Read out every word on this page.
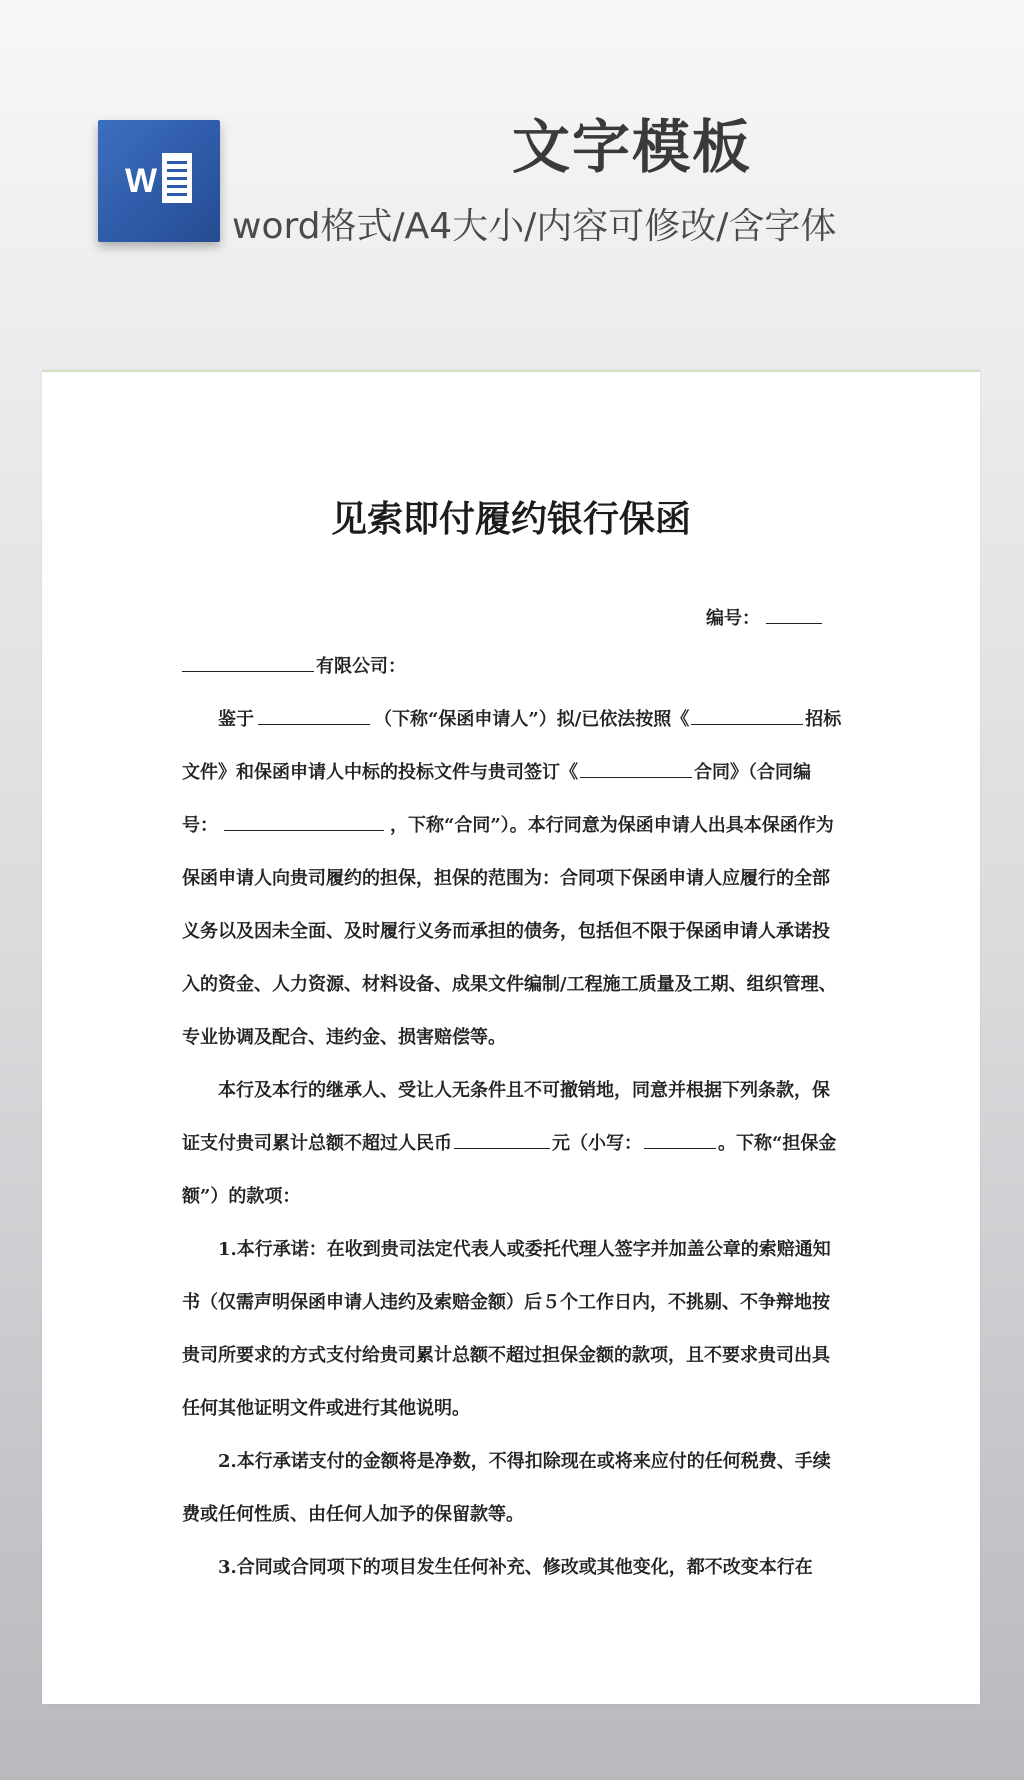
W	文字模板
word格式/A4大小/内容可修改/含字体
见索即付履约银行保函
编号：

有限公司：

鉴于	（下称“保函申请人”）拟/已依法按照《	招标文件》和保函申请人中标的投标文件与贵司签订《	合同》（合同编号：	，下称“合同”）。本行同意为保函申请人出具本保函作为保函申请人向贵司履约的担保，担保的范围为：合同项下保函申请人应履行的全部义务以及因未全面、及时履行义务而承担的债务，包括但不限于保函申请人承诺投入的资金、人力资源、材料设备、成果文件编制/工程施工质量及工期、组织管理、专业协调及配合、违约金、损害赔偿等。

本行及本行的继承人、受让人无条件且不可撤销地，同意并根据下列条款，保证支付贵司累计总额不超过人民币	元（小写：	。下称“担保金额”）的款项：

1.本行承诺：在收到贵司法定代表人或委托代理人签字并加盖公章的索赔通知书（仅需声明保函申请人违约及索赔金额）后５个工作日内，不挑剔、不争辩地按贵司所要求的方式支付给贵司累计总额不超过担保金额的款项，且不要求贵司出具任何其他证明文件或进行其他说明。

2.本行承诺支付的金额将是净数，不得扣除现在或将来应付的任何税费、手续费或任何性质、由任何人加予的保留款等。

3.合同或合同项下的项目发生任何补充、修改或其他变化，都不改变本行在
